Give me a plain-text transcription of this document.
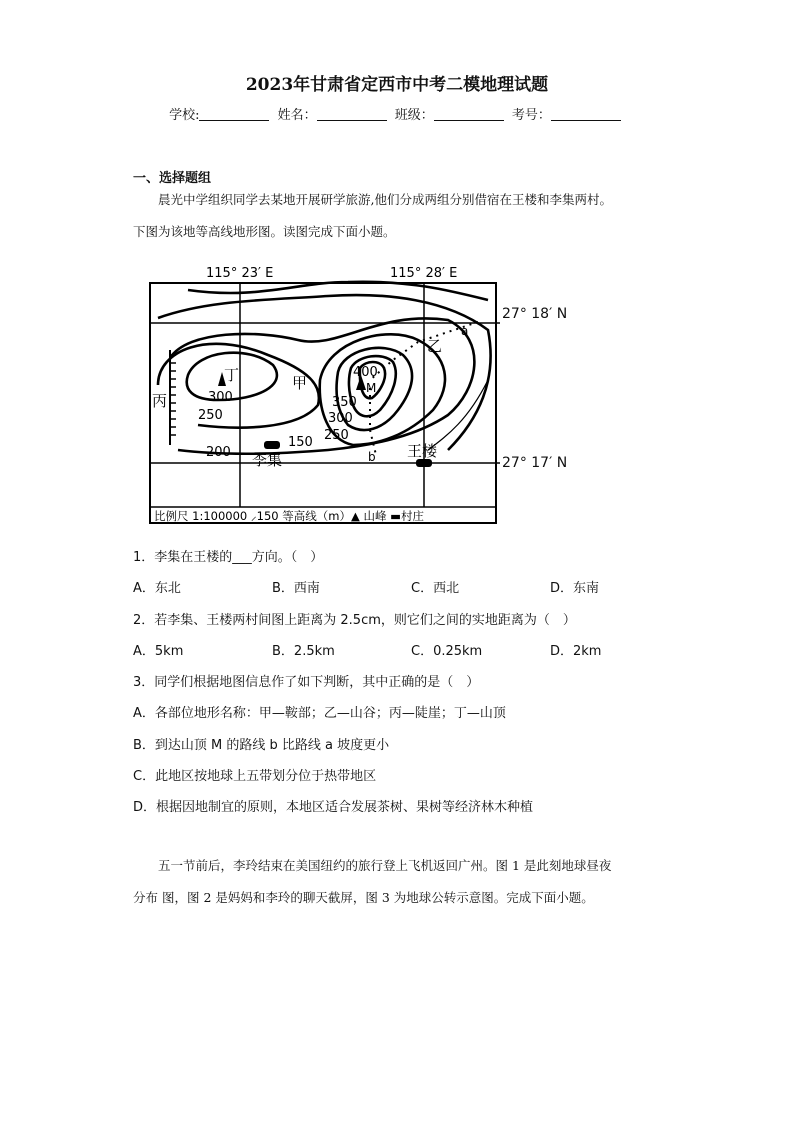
2023年甘肃省定西市中考二模地理试题
学校:	姓名：	班级：	考号：
一、选择题组
晨光中学组织同学去某地开展研学旅游,他们分成两组分别借宿在王楼和李集两村。
下图为该地等高线地形图。读图完成下面小题。
115° 23′ E	115° 28′ E
丁	甲
乙
丙
M
a
b
李集	王楼
400
350
300
250
300
250
200
150
比例尺 1:100000 ⸝150 等高线（m）▲ 山峰 ▬村庄
27° 18′ N
27° 17′ N
1．李集在王楼的___方向。（　）
A．东北	B．西南	C．西北	D．东南
2．若李集、王楼两村间图上距离为 2.5cm，则它们之间的实地距离为（　）
A．5km	B．2.5km	C．0.25km	D．2km
3．同学们根据地图信息作了如下判断，其中正确的是（　）
A．各部位地形名称：甲—鞍部；乙—山谷；丙—陡崖；丁—山顶
B．到达山顶 M 的路线 b 比路线 a 坡度更小
C．此地区按地球上五带划分位于热带地区
D．根据因地制宜的原则，本地区适合发展茶树、果树等经济林木种植
五一节前后，李玲结束在美国纽约的旅行登上飞机返回广州。图 1 是此刻地球昼夜
分布 图，图 2 是妈妈和李玲的聊天截屏，图 3 为地球公转示意图。完成下面小题。
